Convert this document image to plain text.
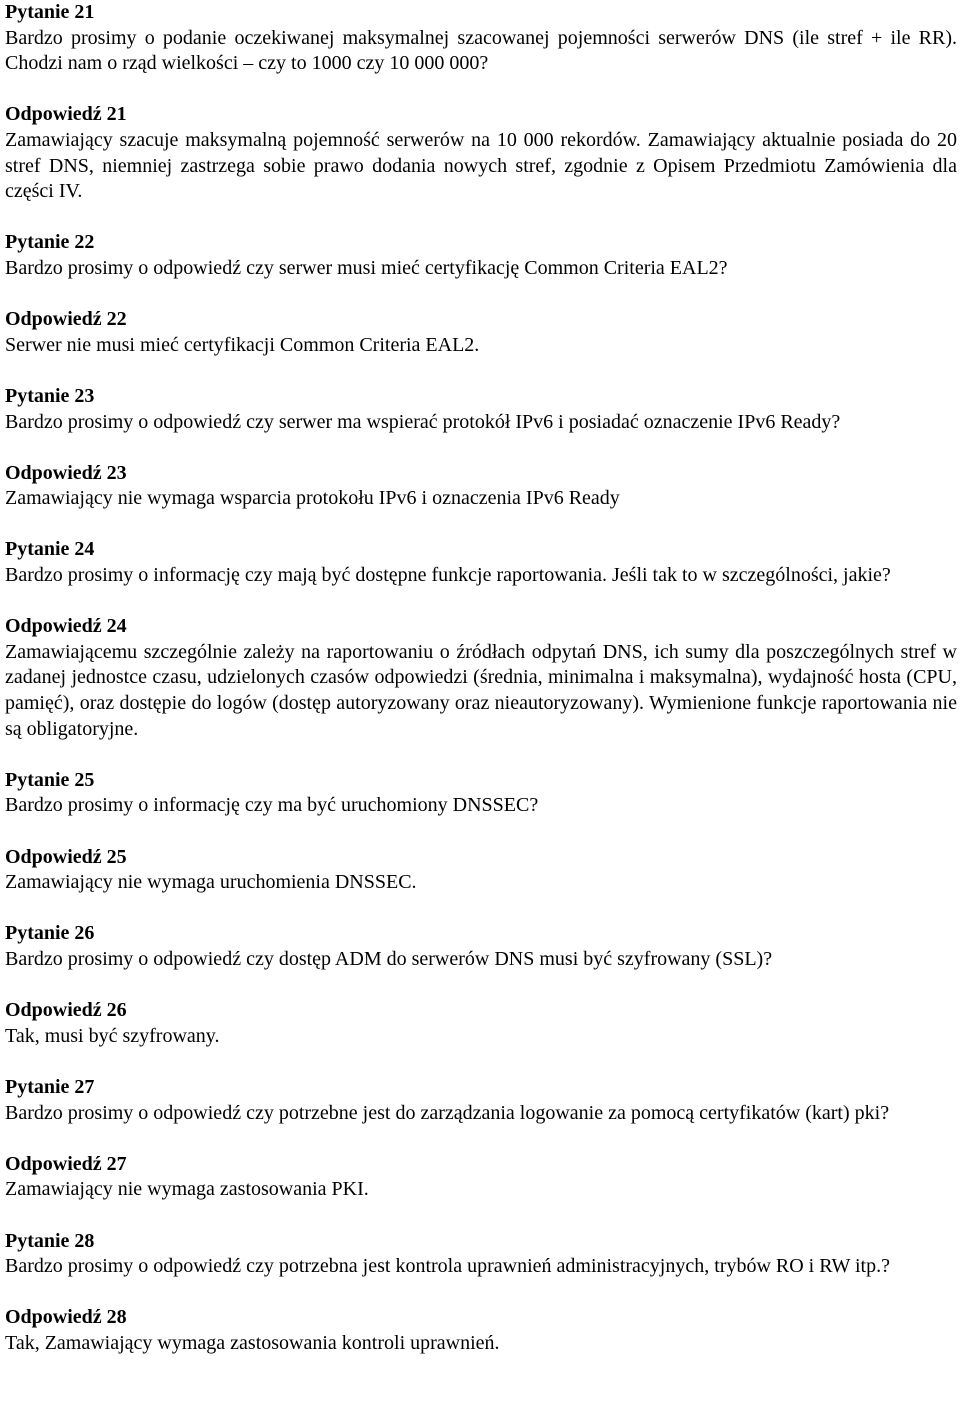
Pytanie 21

Bardzo prosimy o podanie oczekiwanej maksymalnej szacowanej pojemności serwerów DNS (ile stref + ile RR). Chodzi nam o rząd wielkości – czy to 1000 czy 10 000 000?

Odpowiedź 21

Zamawiający szacuje maksymalną pojemność serwerów na 10 000 rekordów. Zamawiający aktualnie posiada do 20 stref DNS, niemniej zastrzega sobie prawo dodania nowych stref, zgodnie z Opisem Przedmiotu Zamówienia dla części IV.

Pytanie 22

Bardzo prosimy o odpowiedź czy serwer musi mieć certyfikację Common Criteria EAL2?

Odpowiedź 22

Serwer nie musi mieć certyfikacji Common Criteria EAL2.

Pytanie 23

Bardzo prosimy o odpowiedź czy serwer ma wspierać protokół IPv6 i posiadać oznaczenie IPv6 Ready?

Odpowiedź 23

Zamawiający nie wymaga wsparcia protokołu IPv6 i oznaczenia IPv6 Ready

Pytanie 24

Bardzo prosimy o informację czy mają być dostępne funkcje raportowania. Jeśli tak to w szczególności, jakie?

Odpowiedź 24

Zamawiającemu szczególnie zależy na raportowaniu o źródłach odpytań DNS, ich sumy dla poszczególnych stref w zadanej jednostce czasu, udzielonych czasów odpowiedzi (średnia, minimalna i maksymalna), wydajność hosta (CPU, pamięć), oraz dostępie do logów (dostęp autoryzowany oraz nieautoryzowany). Wymienione funkcje raportowania nie są obligatoryjne.

Pytanie 25

Bardzo prosimy o informację czy ma być uruchomiony DNSSEC?

Odpowiedź 25

Zamawiający nie wymaga uruchomienia DNSSEC.

Pytanie 26

Bardzo prosimy o odpowiedź czy dostęp ADM do serwerów DNS musi być szyfrowany (SSL)?

Odpowiedź 26

Tak, musi być szyfrowany.

Pytanie 27

Bardzo prosimy o odpowiedź czy potrzebne jest do zarządzania logowanie za pomocą certyfikatów (kart) pki?

Odpowiedź 27

Zamawiający nie wymaga zastosowania PKI.

Pytanie 28

Bardzo prosimy o odpowiedź czy potrzebna jest kontrola uprawnień administracyjnych, trybów RO i RW itp.?

Odpowiedź 28

Tak, Zamawiający wymaga zastosowania kontroli uprawnień.
